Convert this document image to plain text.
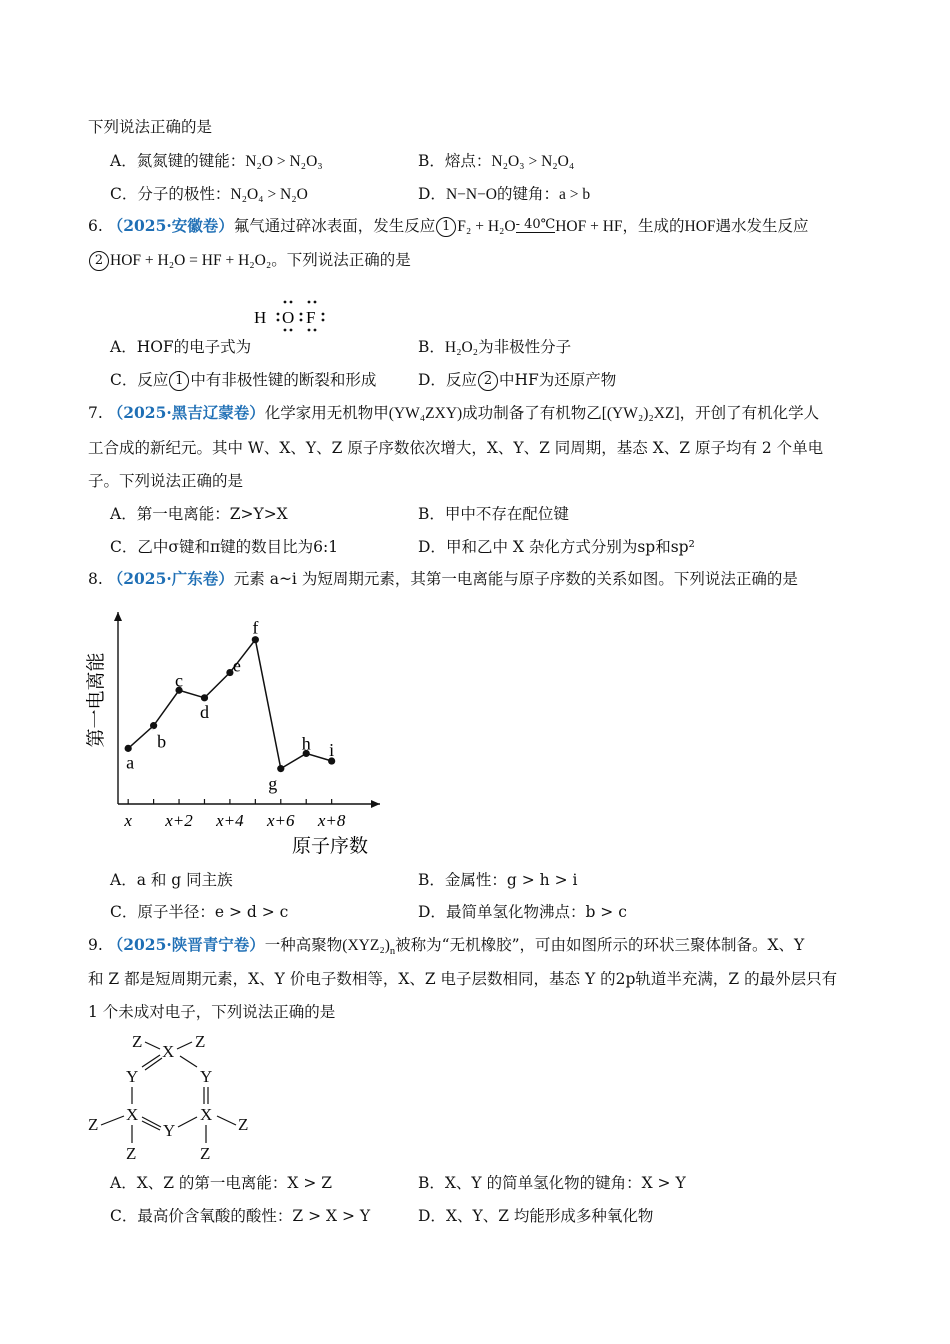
下列说法正确的是
A．氮氮键的键能：N₂O > N₂O₃	B．熔点：N₂O₃ > N₂O₄
C．分子的极性：N₂O₄ > N₂O	D．N−N−O的键角：a > b
6. （2025·安徽卷）氟气通过碎冰表面，发生反应 1 F₂ + H₂O- 40℃HOF + HF，生成的HOF遇水发生反应
2 HOF + H₂O = HF + H₂O₂。下列说法正确的是
H O F
A．HOF的电子式为	B．H₂O₂为非极性分子
C．反应 1 中有非极性键的断裂和形成	D．反应 2 中HF为还原产物
7. （2025·黑吉辽蒙卷）化学家用无机物甲(YW₄ZXY)成功制备了有机物乙[(YW₂)₂XZ]，开创了有机化学人
工合成的新纪元。其中 W、X、Y、Z 原子序数依次增大，X、Y、Z 同周期，基态 X、Z 原子均有 2 个单电
子。下列说法正确的是
A．第一电离能：Z>Y>X	B．甲中不存在配位键
C．乙中σ键和π键的数目比为6:1	D．甲和乙中 X 杂化方式分别为sp和sp²
8. （2025·广东卷）元素 a~i 为短周期元素，其第一电离能与原子序数的关系如图。下列说法正确的是
第一电离能
原子序数
x x+2 x+4 x+6 x+8
a
b
c
d
e
f
g
h i
·
A．a 和 g 同主族	B．金属性：g > h > i
C．原子半径：e > d > c	D．最简单氢化物沸点：b > c
9. （2025·陕晋青宁卷）一种高聚物$(XYZ_2)_n$被称为“无机橡胶”，可由如图所示的环状三聚体制备。X、Y
和 Z 都是短周期元素，X、Y 价电子数相等，X、Z 电子层数相同，基态 Y 的2p轨道半充满，Z 的最外层只有
1 个未成对电子，下列说法正确的是
X
Z	Z
Y	Y
X	X
Y
Z	Z
Z	Z
A．X、Z 的第一电离能：X > Z	B．X、Y 的简单氢化物的键角：X > Y
C．最高价含氧酸的酸性：Z > X > Y	D．X、Y、Z 均能形成多种氧化物
